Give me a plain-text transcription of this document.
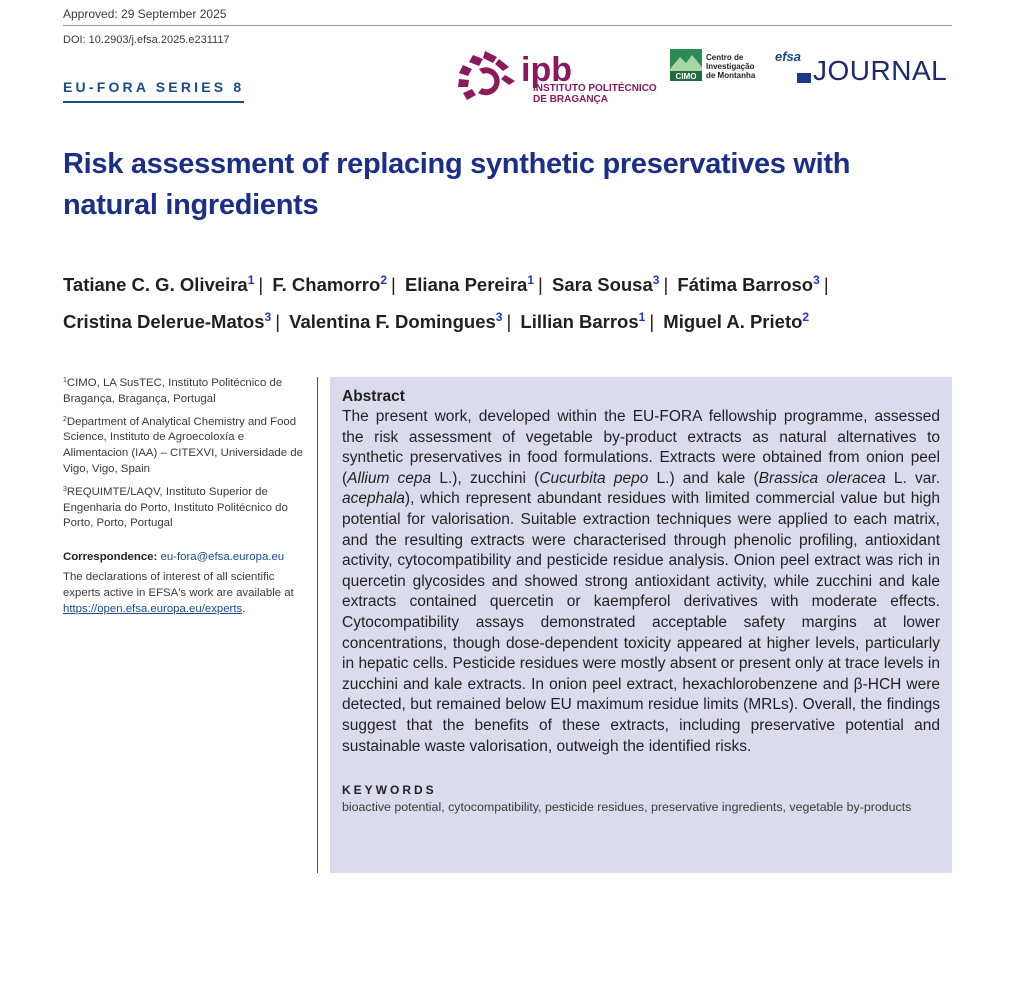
Approved: 29 September 2025
DOI: 10.2903/j.efsa.2025.e231117
EU-FORA SERIES 8	ipb
INSTITUTO POLITÉCNICO
DE BRAGANÇA
CIMO
Centro de
Investigação
de Montanha
efsa JOURNAL
Risk assessment of replacing synthetic preservatives with natural ingredients
Tatiane C. G. Oliveira$^1$ | F. Chamorro$^2$ | Eliana Pereira$^1$ | Sara Sousa$^3$ | Fátima Barroso$^3$ |
Cristina Delerue-Matos$^3$ | Valentina F. Domingues$^3$ | Lillian Barros$^1$ | Miguel A. Prieto$^2$

$^1$CIMO, LA SusTEC, Instituto Politécnico de Bragança, Bragança, Portugal

$^2$Department of Analytical Chemistry and Food Science, Instituto de Agroecoloxía e Alimentacion (IAA) – CITEXVI, Universidade de Vigo, Vigo, Spain

$^3$REQUIMTE/LAQV, Instituto Superior de Engenharia do Porto, Instituto Politécnico do Porto, Porto, Portugal

Correspondence: eu-fora@efsa.europa.eu

The declarations of interest of all scientific experts active in EFSA's work are available at https://open.efsa.europa.eu/experts.

Abstract

The present work, developed within the EU-FORA fellowship programme, assessed the risk assessment of vegetable by-product extracts as natural alternatives to synthetic preservatives in food formulations. Extracts were obtained from onion peel (Allium cepa L.), zucchini (Cucurbita pepo L.) and kale (Brassica oleracea L. var. acephala), which represent abundant residues with limited commercial value but high potential for valorisation. Suitable extraction techniques were applied to each matrix, and the resulting extracts were characterised through phenolic profiling, antioxidant activity, cytocompatibility and pesticide residue analysis. Onion peel extract was rich in quercetin glycosides and showed strong antioxidant activity, while zucchini and kale extracts contained quercetin or kaempferol derivatives with moderate effects. Cytocompatibility assays demonstrated acceptable safety margins at lower concentrations, though dose-dependent toxicity appeared at higher levels, particularly in hepatic cells. Pesticide residues were mostly absent or present only at trace levels in zucchini and kale extracts. In onion peel extract, hexachlorobenzene and β-HCH were detected, but remained below EU maximum residue limits (MRLs). Overall, the findings suggest that the benefits of these extracts, including preservative potential and sustainable waste valorisation, outweigh the identified risks.

KEYWORDS
bioactive potential, cytocompatibility, pesticide residues, preservative ingredients, vegetable by-products
